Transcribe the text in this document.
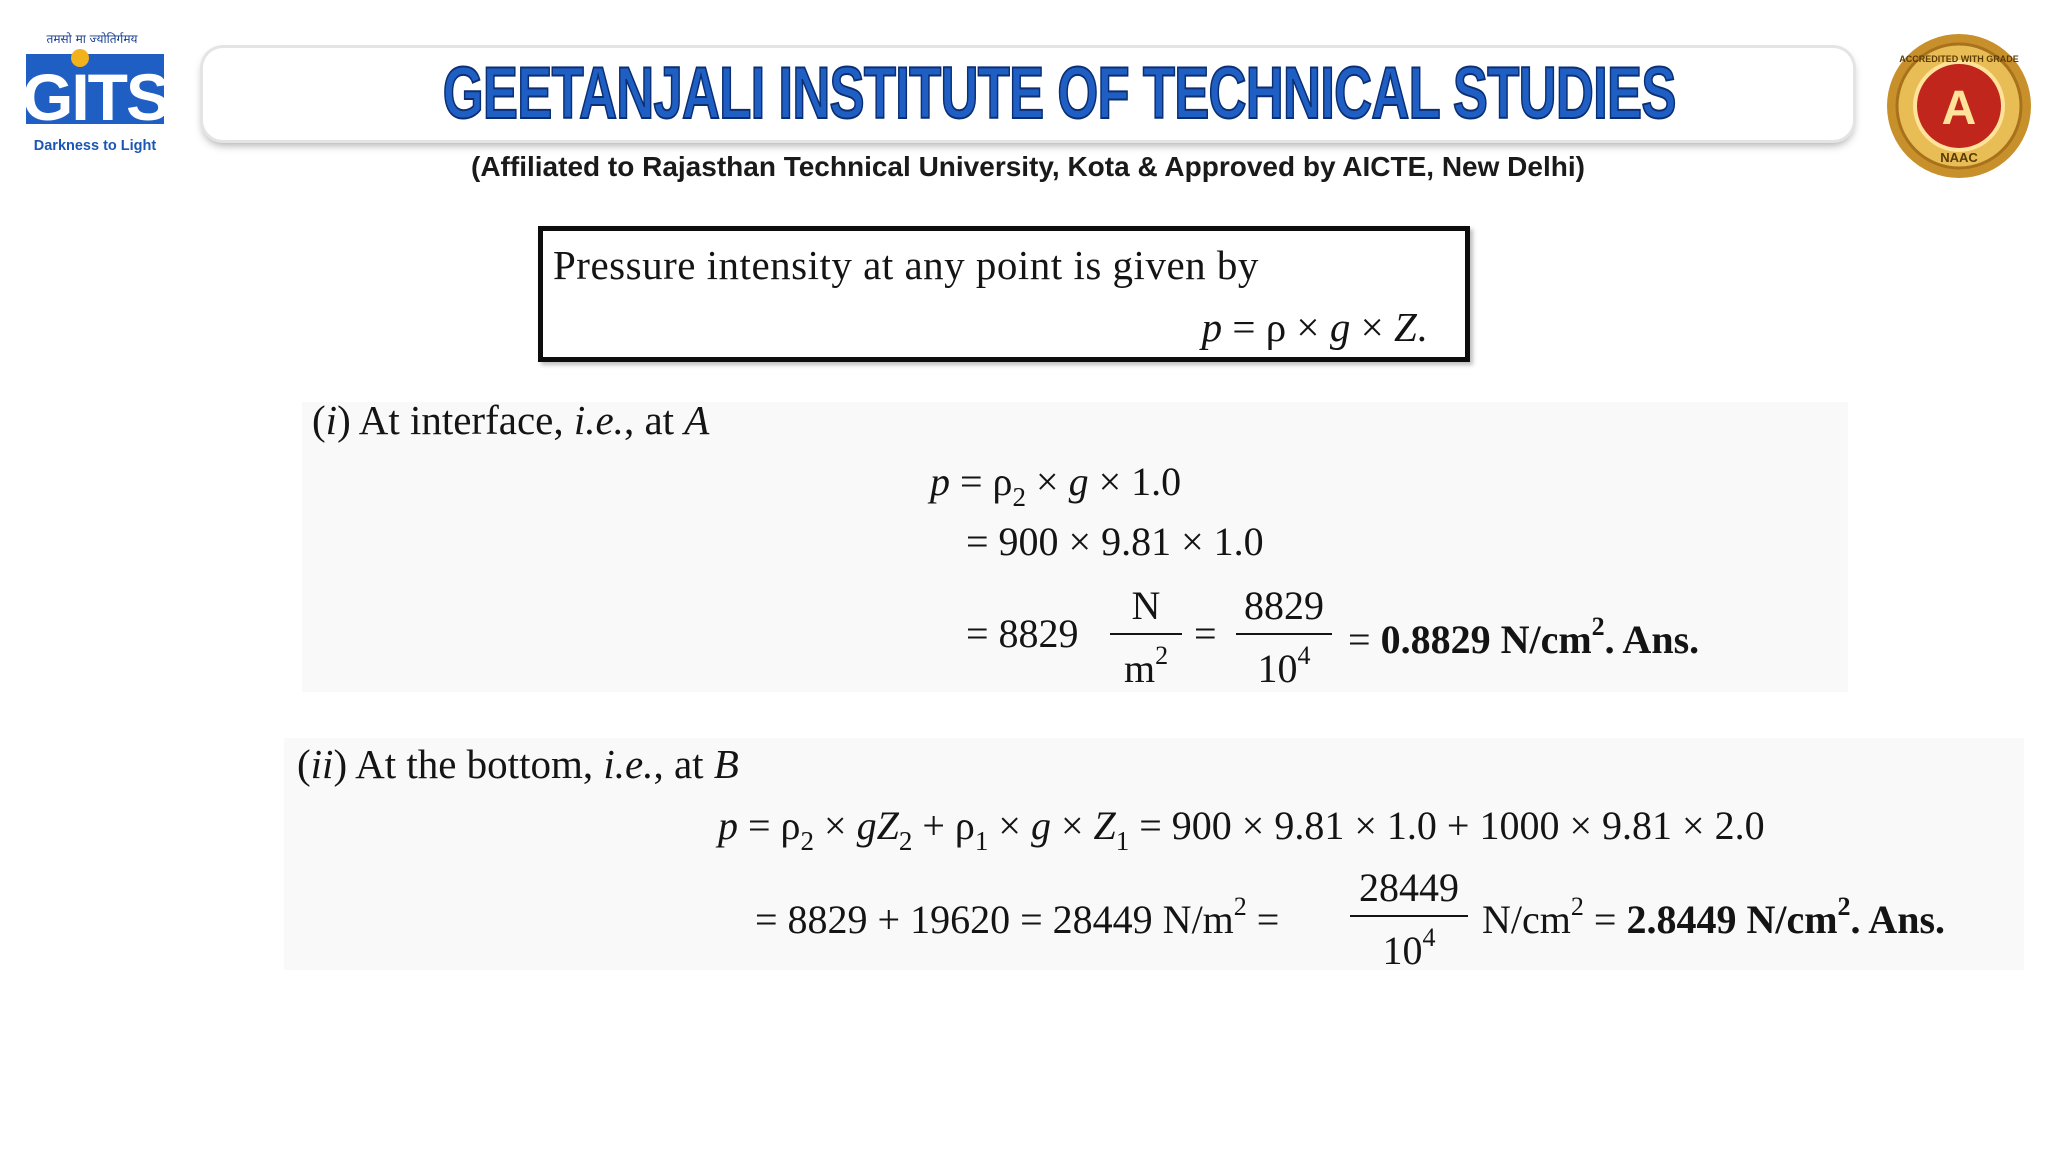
तमसो मा ज्योतिर्गमय
GITS
Darkness to Light
GEETANJALI INSTITUTE OF TECHNICAL STUDIES
(Affiliated to Rajasthan Technical University, Kota & Approved by AICTE, New Delhi)
A
ACCREDITED WITH GRADE
NAAC
Pressure intensity at any point is given by
p = ρ × g × Z.
(i) At interface, i.e., at A
$p = \rho_2 \times g \times 1.0$
= 900 × 9.81 × 1.0
= 8829
N
$m^2$ =
8829
$10^4 = 0.8829$ $N/cm^2$. Ans.
(ii) At the bottom, i.e., at B
$p = \rho_2 \times gZ_2 + \rho_1 \times g \times Z_1 = 900 \times 9.81 \times 1.0 + 1000 \times 9.81 \times 2.0$
= 8829 + 19620 = 28449 $N/m^2$ =
28449
$10^4$	$N/cm^2 = 2.8449$ $N/cm^2$. Ans.
